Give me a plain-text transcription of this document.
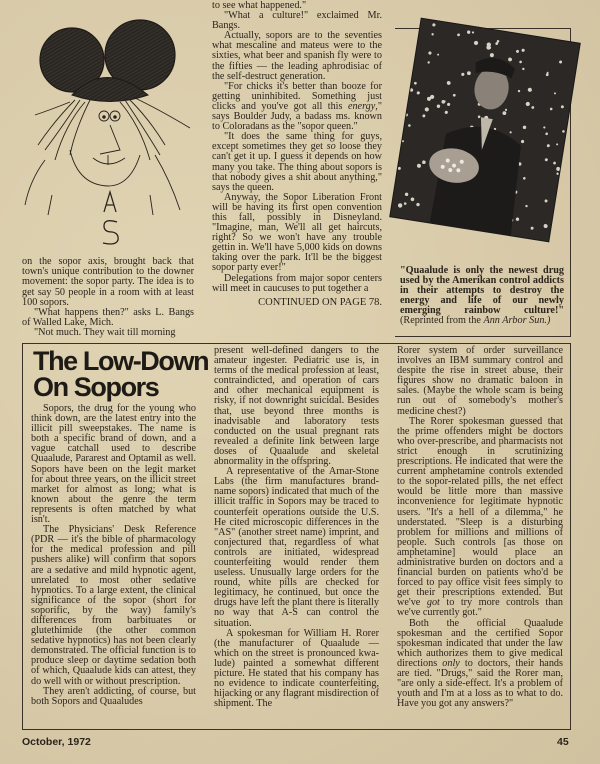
on the sopor axis, brought back that town's unique contribution to the downer movement: the sopor party. The idea is to get say 50 people in a room with at least 100 sopors.

"What happens then?" asks L. Bangs of Walled Lake, Mich.

"Not much. They wait till morning

to see what happened."

"What a culture!" exclaimed Mr. Bangs.

Actually, sopors are to the seventies what mescaline and mateus were to the sixties, what beer and spanish fly were to the fifties — the leading aphrodisiac of the self-destruct generation.

"For chicks it's better than booze for getting uninhibited. Something just clicks and you've got all this energy," says Boulder Judy, a badass ms. known to Coloradans as the "sopor queen."

"It does the same thing for guys, except sometimes they get so loose they can't get it up. I guess it depends on how many you take. The thing about sopors is that nobody gives a shit about anything," says the queen.

Anyway, the Sopor Liberation Front will be having its first open convention this fall, possibly in Disneyland. "Imagine, man, We'll all get haircuts, right? So we won't have any trouble gettin in. We'll have 5,000 kids on downs taking over the park. It'll be the biggest sopor party ever!"

Delegations from major sopor centers will meet in caucuses to put together a

CONTINUED ON PAGE 78.

"Quaalude is only the newest drug used by the Amerikan control addicts in their attempts to destroy the energy and life of our newly emerging rainbow culture!" (Reprinted from the Ann Arbor Sun.)
The Low-Down
On Sopors

Sopors, the drug for the young who think down, are the latest entry into the illicit pill sweepstakes. The name is both a specific brand of down, and a vague catchall used to describe Quaalude, Pararest and Optamil as well. Sopors have been on the legit market for about three years, on the illicit street market for almost as long; what is known about the genre the term represents is often matched by what isn't.

The Physicians' Desk Reference (PDR — it's the bible of pharmacology for the medical profession and pill pushers alike) will confirm that sopors are a sedative and mild hypnotic agent, unrelated to most other sedative hypnotics. To a large extent, the clinical significance of the sopor (short for soporific, by the way) family's differences from barbituates or glutethimide (the other common sedative hypnotics) has not been clearly demonstrated. The official function is to produce sleep or daytime sedation both of which, Quaalude kids can attest, they do well with or without prescription.

They aren't addicting, of course, but both Sopors and Quaaludes

present well-defined dangers to the amateur ingester. Pediatric use is, in terms of the medical profession at least, contraindicted, and operation of cars and other mechanical equipment is risky, if not downright suicidal. Besides that, use beyond three months is inadvisable and laboratory tests conducted on the usual pregnant rats revealed a definite link between large doses of Quaalude and skeletal abnormality in the offspring.

A representative of the Arnar-Stone Labs (the firm manufactures brand-name sopors) indicated that much of the illicit traffic in Sopors may be traced to counterfeit operations outside the U.S. He cited microscopic differences in the "AS" (another street name) imprint, and conjectured that, regardless of what controls are initiated, widespread counterfeiting would render them useless. Unusually large orders for the round, white pills are checked for legitimacy, he continued, but once the drugs have left the plant there is literally no way that A-S can control the situation.

A spokesman for William H. Rorer (the manufacturer of Quaalude — which on the street is pronounced kwa-lude) painted a somewhat different picture. He stated that his company has no evidence to indicate counterfeiting, hijacking or any flagrant misdirection of shipment. The

Rorer system of order surveillance involves an IBM summary control and despite the rise in street abuse, their figures show no dramatic baloon in sales. (Maybe the whole scam is being run out of somebody's mother's medicine chest?)

The Rorer spokesman guessed that the prime offenders might be doctors who over-prescribe, and pharmacists not strict enough in scrutinizing prescriptions. He indicated that were the current amphetamine controls extended to the sopor-related pills, the net effect would be little more than massive inconvenience for legitimate hypnotic users. "It's a hell of a dilemma," he understated. "Sleep is a disturbing problem for millions and millions of people. Such controls [as those on amphetamine] would place an administrative burden on doctors and a financial burden on patients who'd be forced to pay office visit fees simply to get their prescriptions extended. But we've got to try more controls than we've currently got."

Both the official Quaalude spokesman and the certified Sopor spokesman indicated that under the law which authorizes them to give medical directions only to doctors, their hands are tied. "Drugs," said the Rorer man, "are only a side-effect. It's a problem of youth and I'm at a loss as to what to do. Have you got any answers?"

October, 1972	45
